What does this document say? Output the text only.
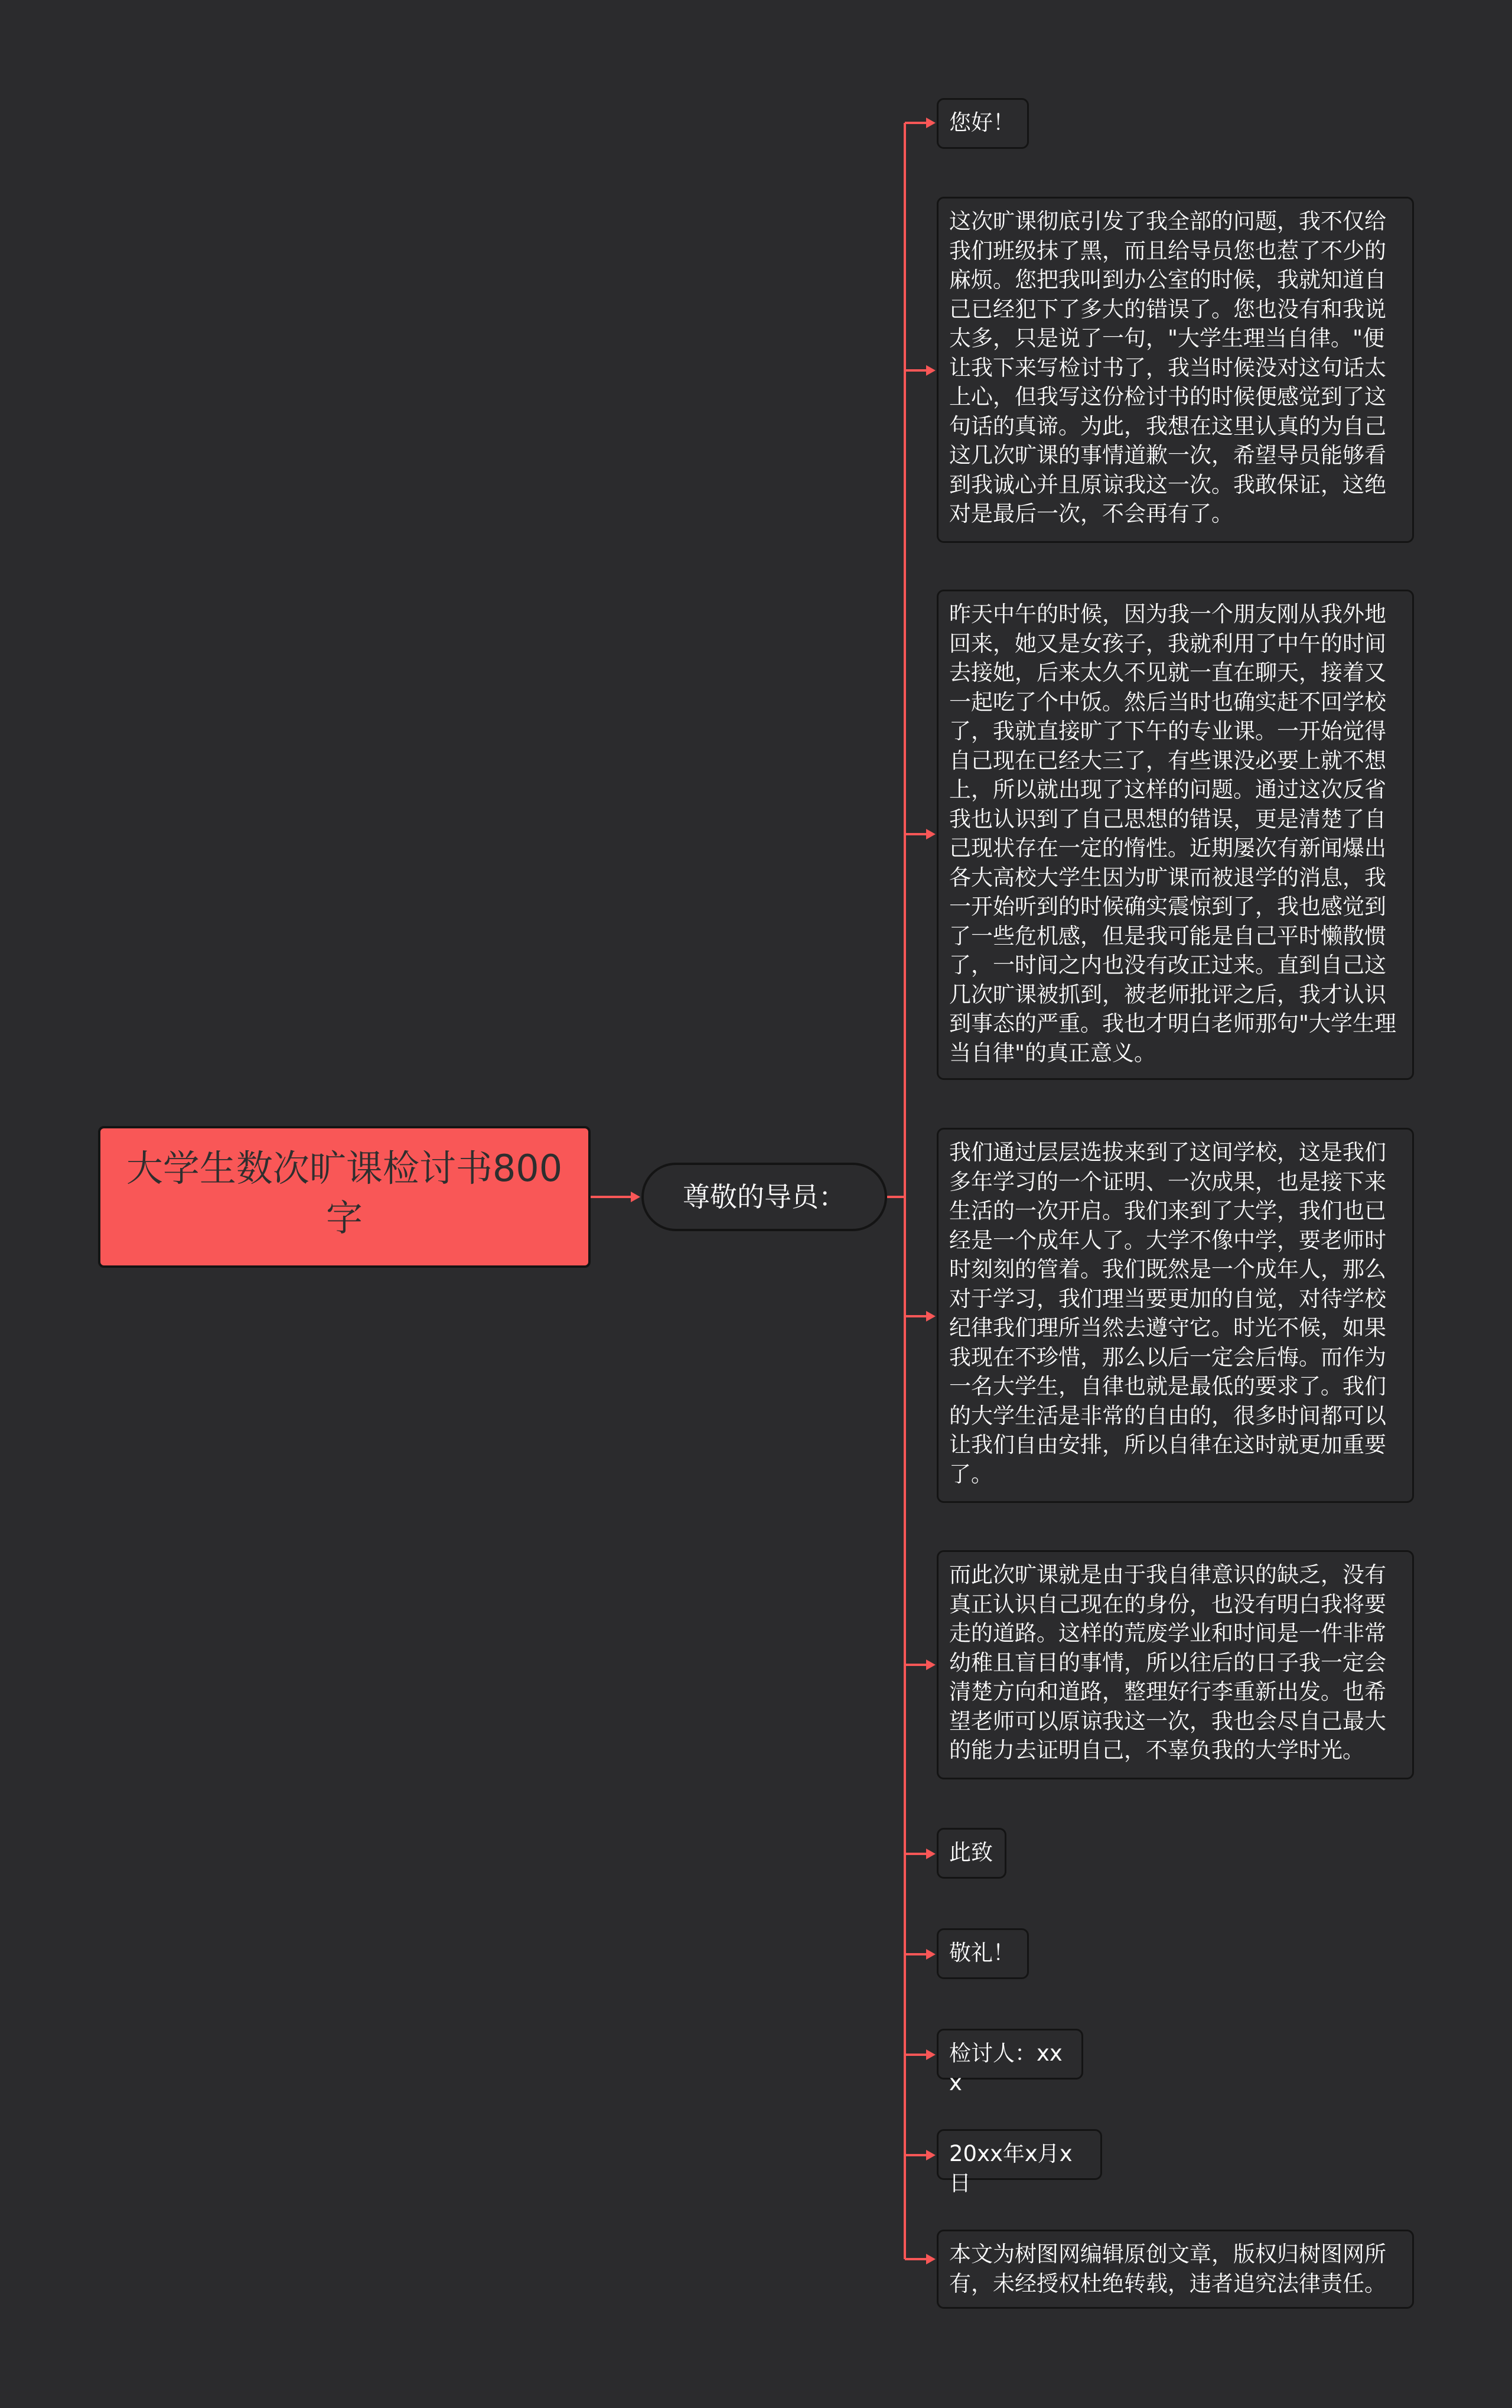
大学生数次旷课检讨书800字	尊敬的导员：
您好！
这次旷课彻底引发了我全部的问题，我不仅给我们班级抹了黑，而且给导员您也惹了不少的麻烦。您把我叫到办公室的时候，我就知道自己已经犯下了多大的错误了。您也没有和我说太多，只是说了一句，"大学生理当自律。"便让我下来写检讨书了，我当时候没对这句话太上心，但我写这份检讨书的时候便感觉到了这句话的真谛。为此，我想在这里认真的为自己这几次旷课的事情道歉一次，希望导员能够看到我诚心并且原谅我这一次。我敢保证，这绝对是最后一次，不会再有了。
昨天中午的时候，因为我一个朋友刚从我外地回来，她又是女孩子，我就利用了中午的时间去接她，后来太久不见就一直在聊天，接着又一起吃了个中饭。然后当时也确实赶不回学校了，我就直接旷了下午的专业课。一开始觉得自己现在已经大三了，有些课没必要上就不想上，所以就出现了这样的问题。通过这次反省我也认识到了自己思想的错误，更是清楚了自己现状存在一定的惰性。近期屡次有新闻爆出各大高校大学生因为旷课而被退学的消息，我一开始听到的时候确实震惊到了，我也感觉到了一些危机感，但是我可能是自己平时懒散惯了，一时间之内也没有改正过来。直到自己这几次旷课被抓到，被老师批评之后，我才认识到事态的严重。我也才明白老师那句"大学生理当自律"的真正意义。
我们通过层层选拔来到了这间学校，这是我们多年学习的一个证明、一次成果，也是接下来生活的一次开启。我们来到了大学，我们也已经是一个成年人了。大学不像中学，要老师时时刻刻的管着。我们既然是一个成年人，那么对于学习，我们理当要更加的自觉，对待学校纪律我们理所当然去遵守它。时光不候，如果我现在不珍惜，那么以后一定会后悔。而作为一名大学生，自律也就是最低的要求了。我们的大学生活是非常的自由的，很多时间都可以让我们自由安排，所以自律在这时就更加重要了。
而此次旷课就是由于我自律意识的缺乏，没有真正认识自己现在的身份，也没有明白我将要走的道路。这样的荒废学业和时间是一件非常幼稚且盲目的事情，所以往后的日子我一定会清楚方向和道路，整理好行李重新出发。也希望老师可以原谅我这一次，我也会尽自己最大的能力去证明自己，不辜负我的大学时光。
此致
敬礼！
检讨人：xxx
20xx年x月x日
本文为树图网编辑原创文章，版权归树图网所有，未经授权杜绝转载，违者追究法律责任。
